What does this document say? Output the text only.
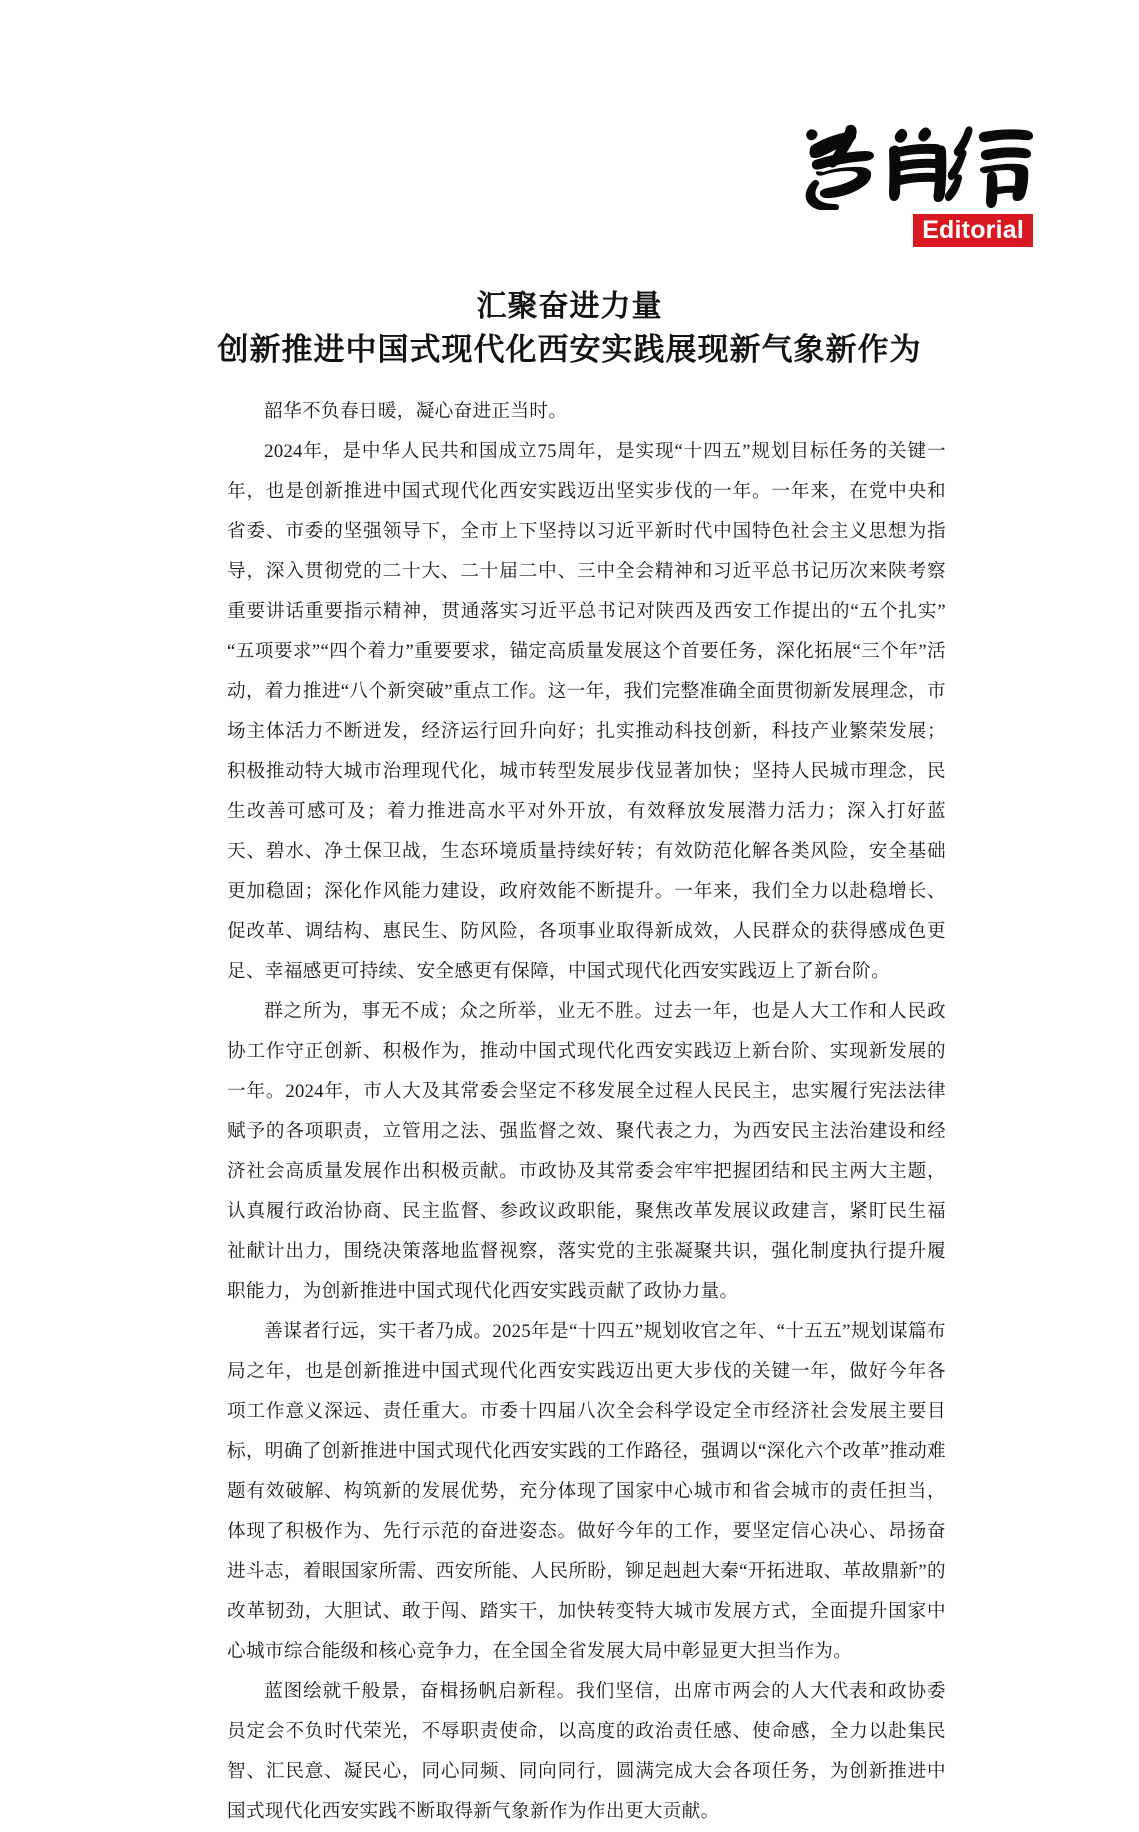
Editorial
汇聚奋进力量
创新推进中国式现代化西安实践展现新气象新作为

韶华不负春日暖，凝心奋进正当时。

2024年，是中华人民共和国成立75周年，是实现“十四五”规划目标任务的关键一年，也是创新推进中国式现代化西安实践迈出坚实步伐的一年。一年来，在党中央和省委、市委的坚强领导下，全市上下坚持以习近平新时代中国特色社会主义思想为指导，深入贯彻党的二十大、二十届二中、三中全会精神和习近平总书记历次来陕考察重要讲话重要指示精神，贯通落实习近平总书记对陕西及西安工作提出的“五个扎实”“五项要求”“四个着力”重要要求，锚定高质量发展这个首要任务，深化拓展“三个年”活动，着力推进“八个新突破”重点工作。这一年，我们完整准确全面贯彻新发展理念，市场主体活力不断迸发，经济运行回升向好；扎实推动科技创新，科技产业繁荣发展；积极推动特大城市治理现代化，城市转型发展步伐显著加快；坚持人民城市理念，民生改善可感可及；着力推进高水平对外开放，有效释放发展潜力活力；深入打好蓝天、碧水、净土保卫战，生态环境质量持续好转；有效防范化解各类风险，安全基础更加稳固；深化作风能力建设，政府效能不断提升。一年来，我们全力以赴稳增长、促改革、调结构、惠民生、防风险，各项事业取得新成效，人民群众的获得感成色更足、幸福感更可持续、安全感更有保障，中国式现代化西安实践迈上了新台阶。

群之所为，事无不成；众之所举，业无不胜。过去一年，也是人大工作和人民政协工作守正创新、积极作为，推动中国式现代化西安实践迈上新台阶、实现新发展的一年。2024年，市人大及其常委会坚定不移发展全过程人民民主，忠实履行宪法法律赋予的各项职责，立管用之法、强监督之效、聚代表之力，为西安民主法治建设和经济社会高质量发展作出积极贡献。市政协及其常委会牢牢把握团结和民主两大主题，认真履行政治协商、民主监督、参政议政职能，聚焦改革发展议政建言，紧盯民生福祉献计出力，围绕决策落地监督视察，落实党的主张凝聚共识，强化制度执行提升履职能力，为创新推进中国式现代化西安实践贡献了政协力量。

善谋者行远，实干者乃成。2025年是“十四五”规划收官之年、“十五五”规划谋篇布局之年，也是创新推进中国式现代化西安实践迈出更大步伐的关键一年，做好今年各项工作意义深远、责任重大。市委十四届八次全会科学设定全市经济社会发展主要目标，明确了创新推进中国式现代化西安实践的工作路径，强调以“深化六个改革”推动难题有效破解、构筑新的发展优势，充分体现了国家中心城市和省会城市的责任担当，体现了积极作为、先行示范的奋进姿态。做好今年的工作，要坚定信心决心、昂扬奋进斗志，着眼国家所需、西安所能、人民所盼，铆足赳赳大秦“开拓进取、革故鼎新”的改革韧劲，大胆试、敢于闯、踏实干，加快转变特大城市发展方式，全面提升国家中心城市综合能级和核心竞争力，在全国全省发展大局中彰显更大担当作为。

蓝图绘就千般景，奋楫扬帆启新程。我们坚信，出席市两会的人大代表和政协委员定会不负时代荣光，不辱职责使命，以高度的政治责任感、使命感，全力以赴集民智、汇民意、凝民心，同心同频、同向同行，圆满完成大会各项任务，为创新推进中国式现代化西安实践不断取得新气象新作为作出更大贡献。
